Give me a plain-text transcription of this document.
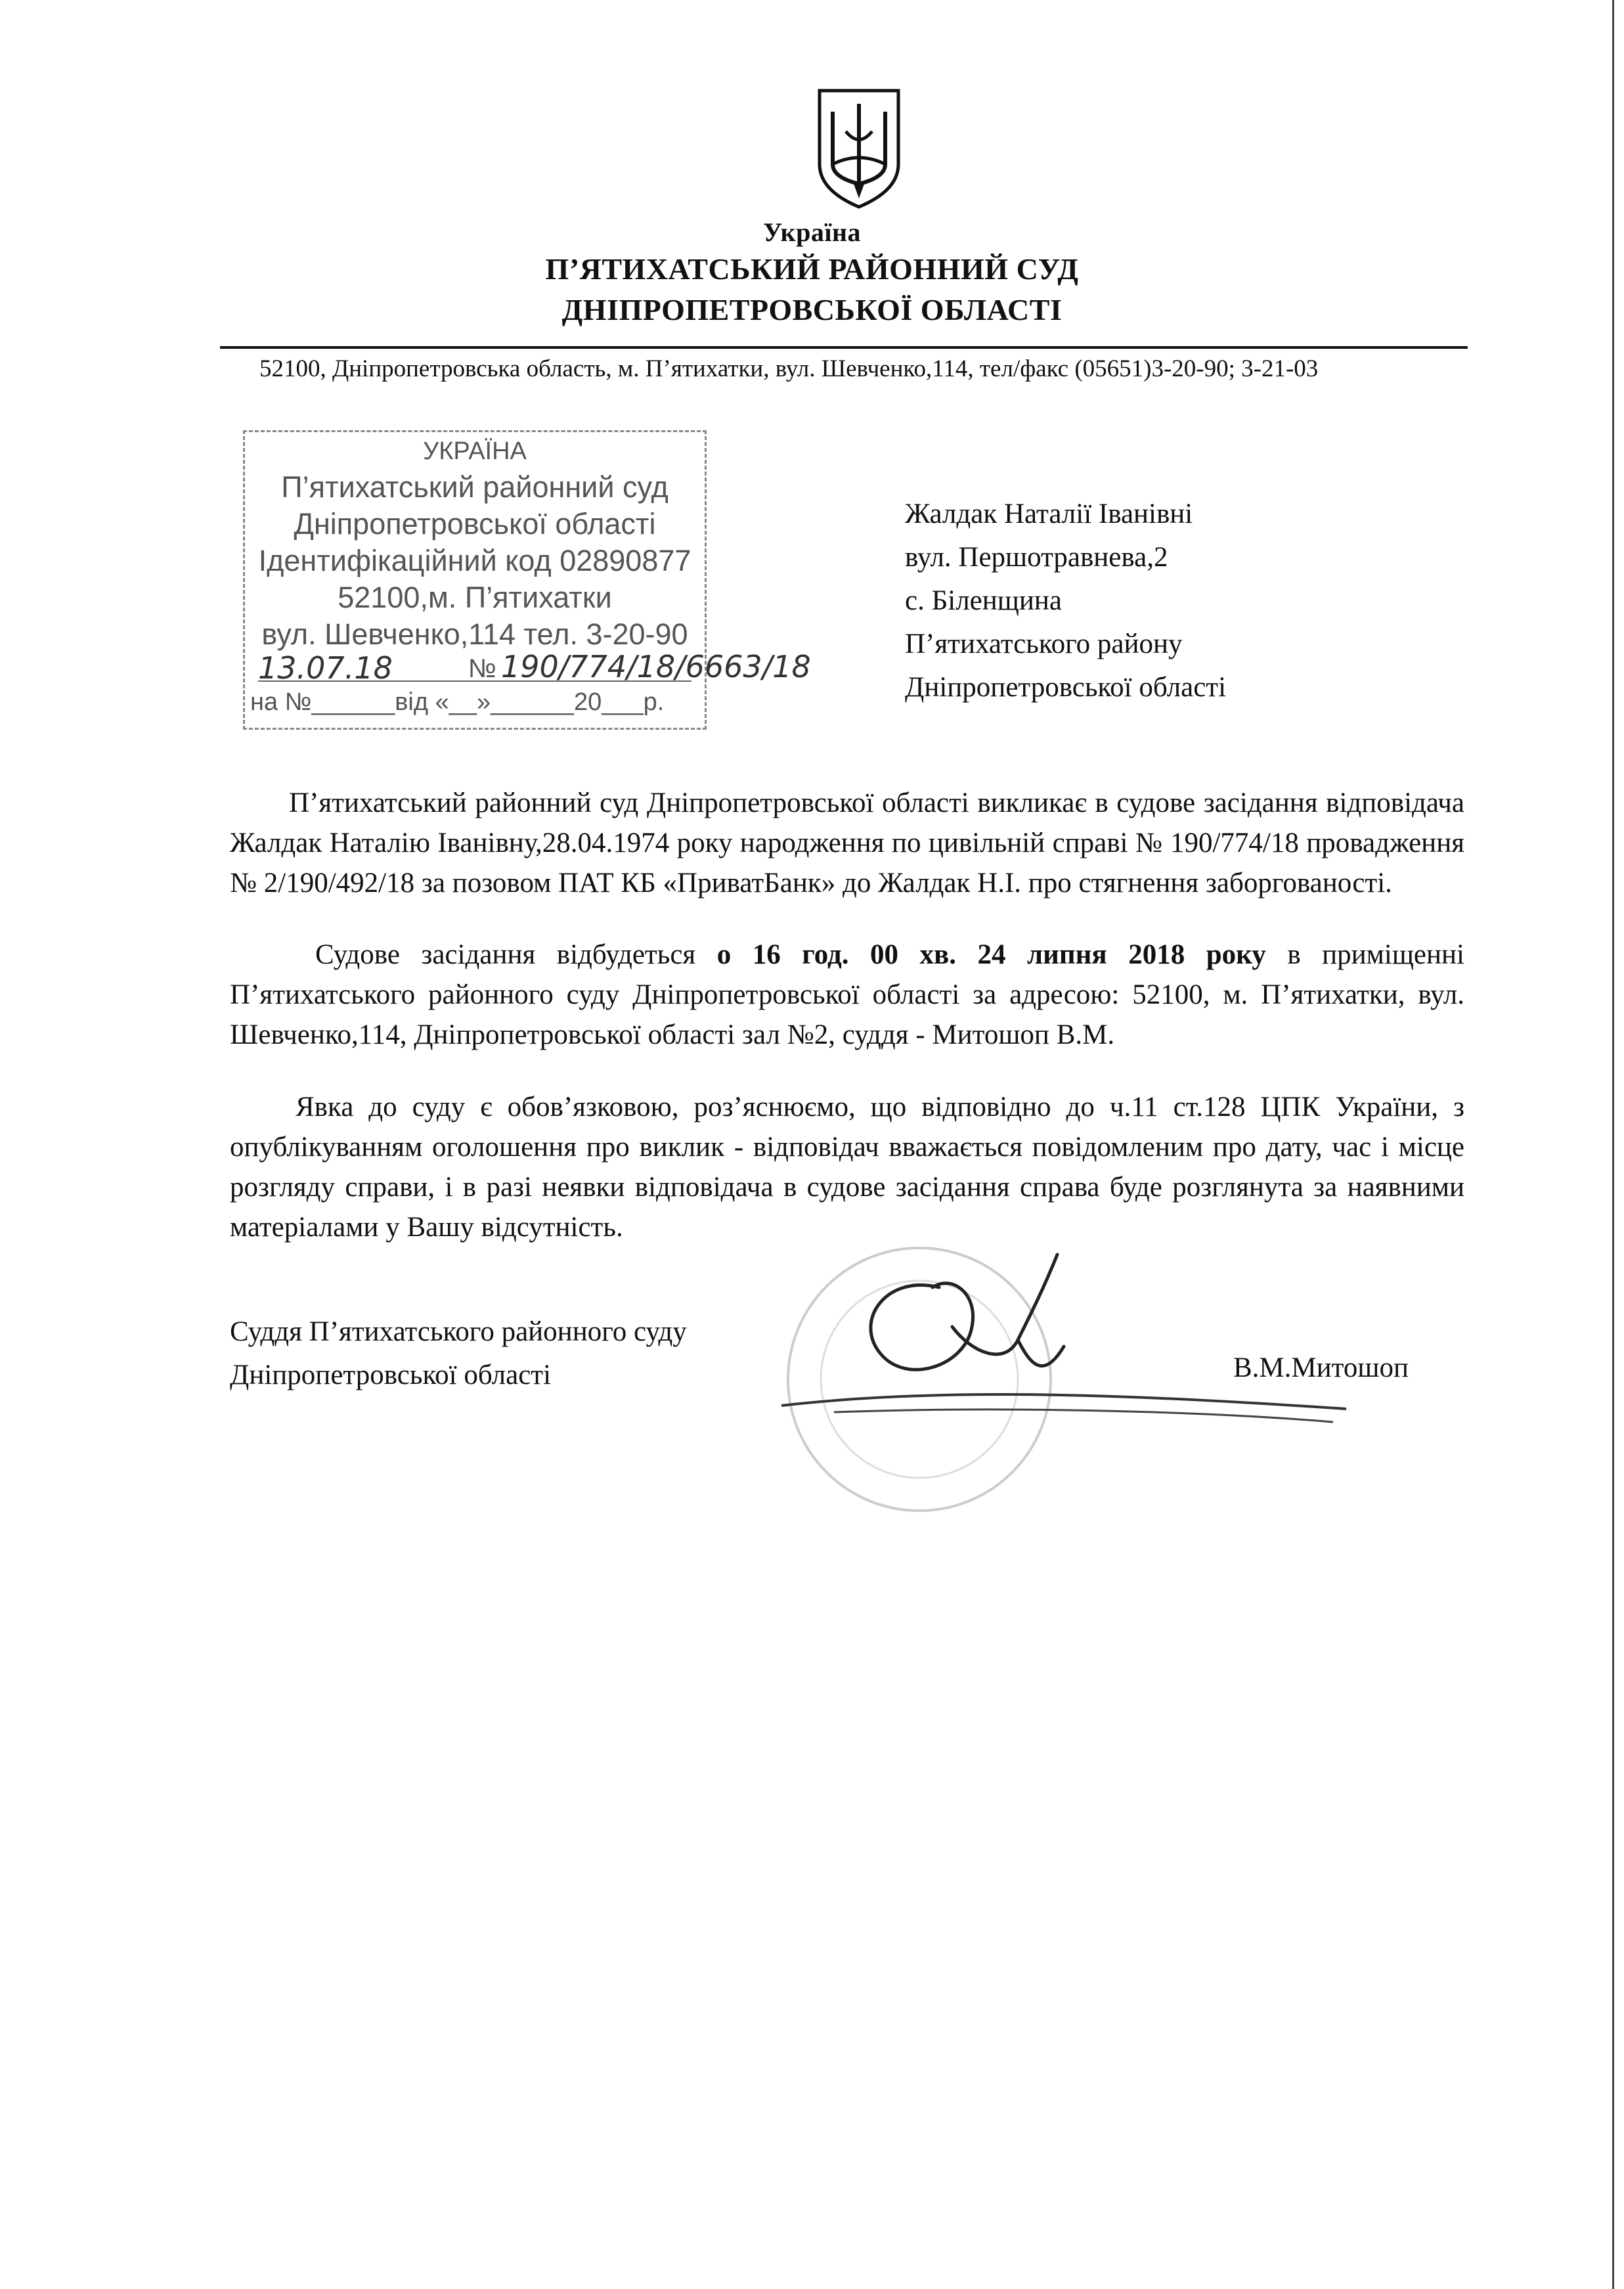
Україна
П’ЯТИХАТСЬКИЙ РАЙОННИЙ СУД
ДНІПРОПЕТРОВСЬКОЇ ОБЛАСТІ
52100, Дніпропетровська область, м. П’ятихатки, вул. Шевченко,114, тел/факс (05651)3-20-90; 3-21-03
УКРАЇНА
П’ятихатський районний суд
Дніпропетровської області
Ідентифікаційний код 02890877
52100,м. П’ятихатки
вул. Шевченко,114 тел. 3-20-90
13.07.18	№ 190/774/18/6663/18
на №______від «__»______20___р.
Жалдак Наталії Іванівні
вул. Першотравнева,2
с. Біленщина
П’ятихатського району
Дніпропетровської області
П’ятихатський районний суд Дніпропетровської області викликає в судове засідання відповідача Жалдак Наталію Іванівну,28.04.1974 року народження по цивільній справі № 190/774/18 провадження № 2/190/492/18 за позовом ПАТ КБ «ПриватБанк» до Жалдак Н.І. про стягнення заборгованості.
Судове засідання відбудеться о 16 год. 00 хв. 24 липня 2018 року в приміщенні П’ятихатського районного суду Дніпропетровської області за адресою: 52100, м. П’ятихатки, вул. Шевченко,114, Дніпропетровської області зал №2, суддя - Митошоп В.М.
Явка до суду є обов’язковою, роз’яснюємо, що відповідно до ч.11 ст.128 ЦПК України, з опублікуванням оголошення про виклик - відповідач вважається повідомленим про дату, час і місце розгляду справи, і в разі неявки відповідача в судове засідання справа буде розглянута за наявними матеріалами у Вашу відсутність.
Суддя П’ятихатського районного суду
Дніпропетровської області	В.М.Митошоп
